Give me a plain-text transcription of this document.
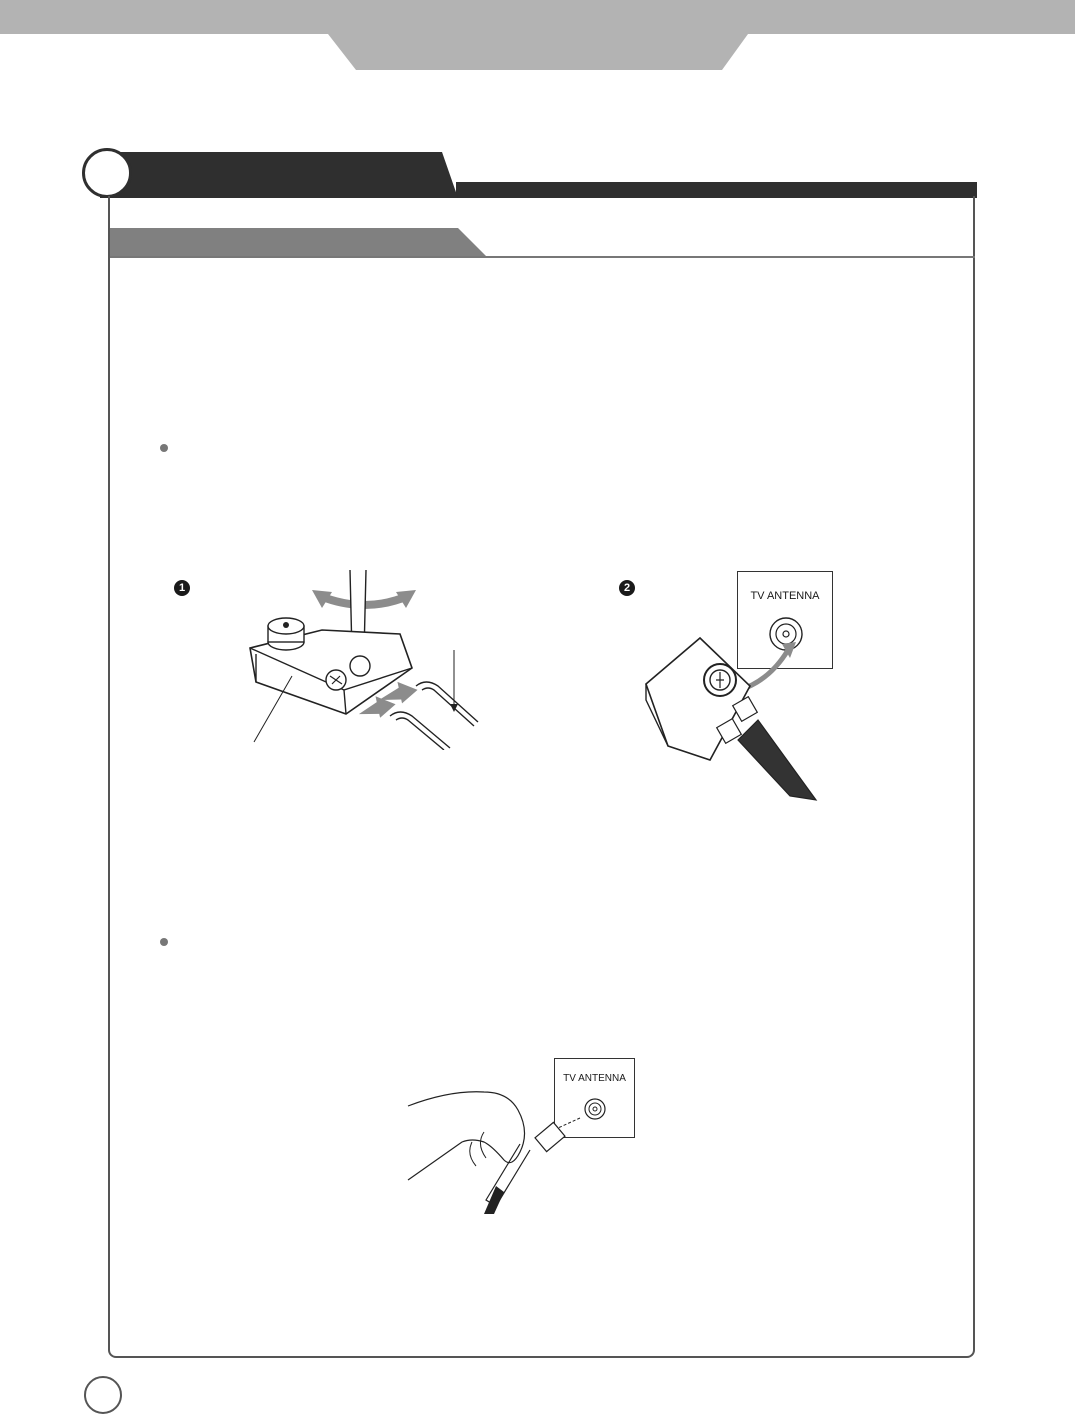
1	2
TV ANTENNA
TV ANTENNA
